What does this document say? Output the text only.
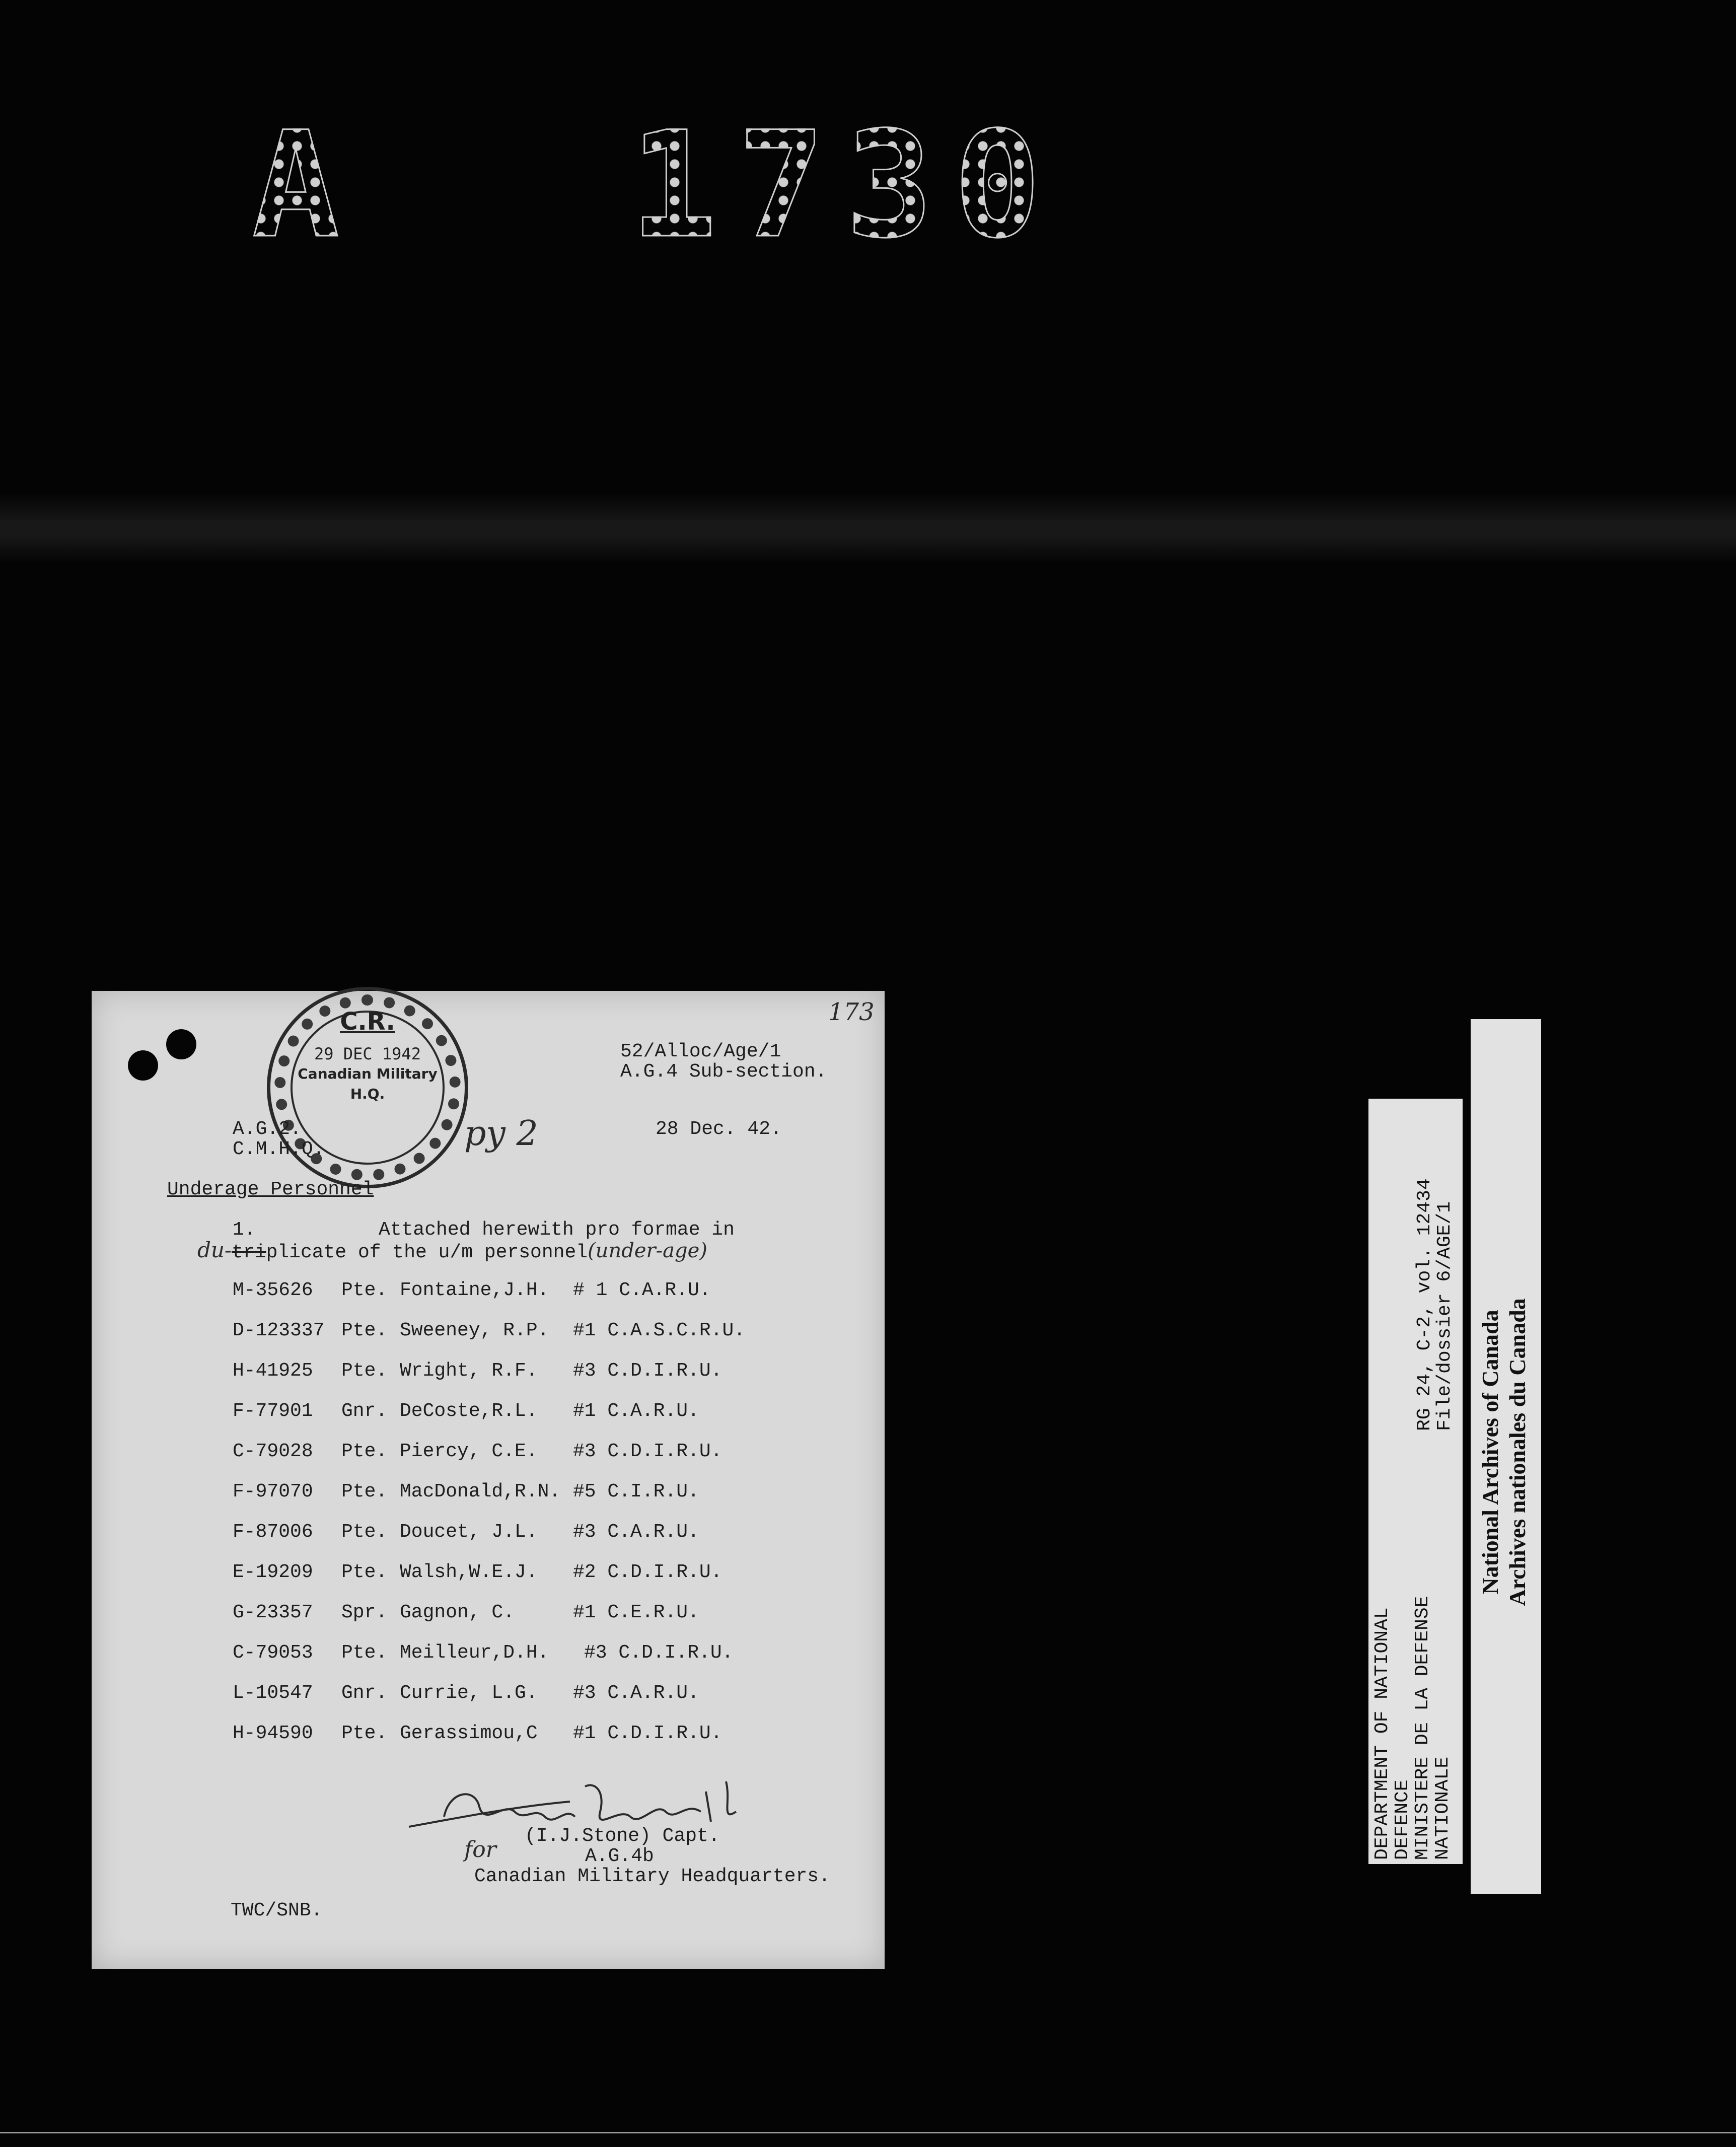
A 1730
C.R.
29 DEC 1942
Canadian Military
H.Q.
173
52/Alloc/Age/1
A.G.4 Sub-section.
A.G.2.
C.M.H.Q.	py 2	28 Dec. 42.
Underage Personnel
1.	Attached herewith pro formae in
du-triplicate of the u/m personnel(under-age)
M-35626 Pte. Fontaine,J.H. # 1 C.A.R.U.
D-123337 Pte. Sweeney, R.P. #1 C.A.S.C.R.U.
H-41925 Pte. Wright, R.F. #3 C.D.I.R.U.
F-77901 Gnr. DeCoste,R.L. #1 C.A.R.U.
C-79028 Pte. Piercy, C.E. #3 C.D.I.R.U.
F-97070 Pte. MacDonald,R.N. #5 C.I.R.U.
F-87006 Pte. Doucet, J.L. #3 C.A.R.U.
E-19209 Pte. Walsh,W.E.J. #2 C.D.I.R.U.
G-23357 Spr. Gagnon, C.	#1 C.E.R.U.
C-79053 Pte. Meilleur,D.H. #3 C.D.I.R.U.
L-10547 Gnr. Currie, L.G. #3 C.A.R.U.
H-94590 Pte. Gerassimou,C #1 C.D.I.R.U.
for
(I.J.Stone) Capt.
A.G.4b
Canadian Military Headquarters.
TWC/SNB.
DEPARTMENT OF NATIONAL
DEFENCE
MINISTERE DE LA DEFENSE
NATIONALE
RG 24, C-2, vol. 12434
File/dossier 6/AGE/1 National Archives of Canada
Archives nationales du Canada
